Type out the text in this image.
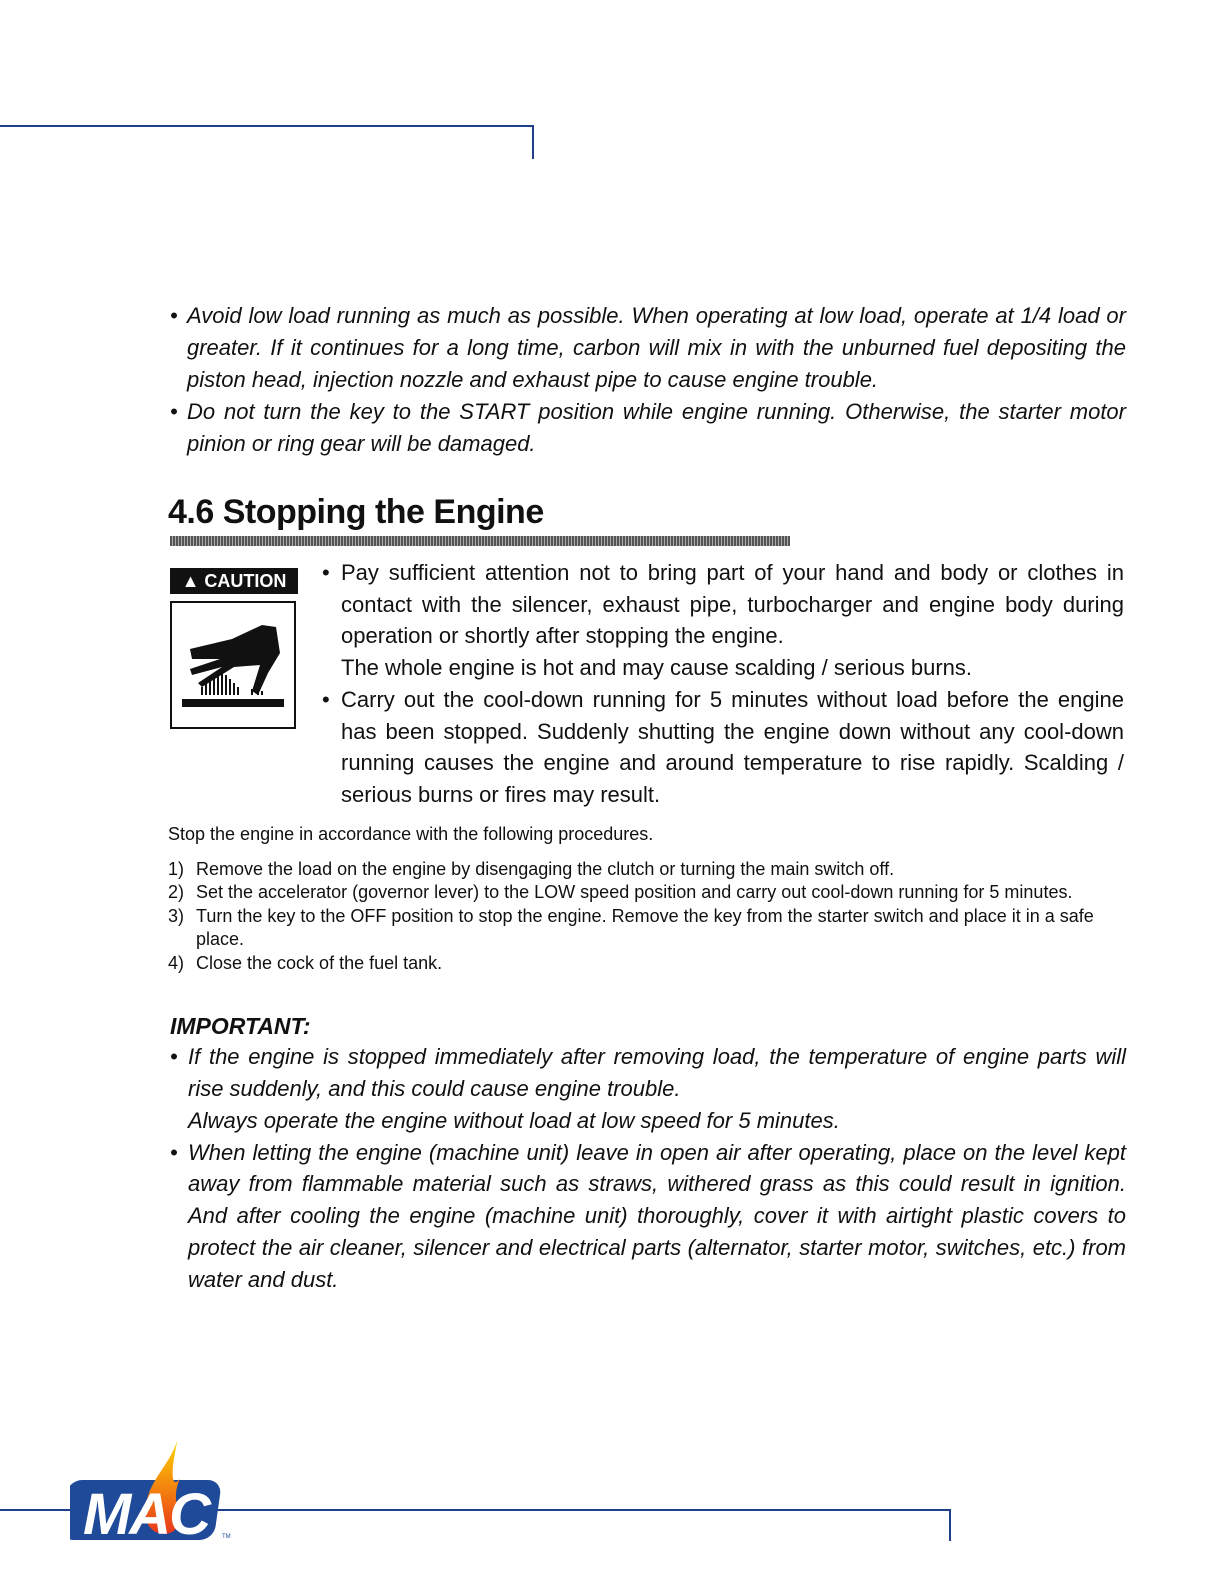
• Avoid low load running as much as possible. When operating at low load, operate at 1/4 load or greater. If it continues for a long time, carbon will mix in with the unburned fuel depositing the piston head, injection nozzle and exhaust pipe to cause engine trouble.
• Do not turn the key to the START position while engine running. Otherwise, the starter motor pinion or ring gear will be damaged.
4.6 Stopping the Engine
▲ CAUTION	• Pay sufficient attention not to bring part of your hand and body or clothes in contact with the silencer, exhaust pipe, turbocharger and engine body during operation or shortly after stopping the engine.
The whole engine is hot and may cause scalding / serious burns.
• Carry out the cool-down running for 5 minutes without load before the engine has been stopped. Suddenly shutting the engine down without any cool-down running causes the engine and around temperature to rise rapidly. Scalding / serious burns or fires may result.
Stop the engine in accordance with the following procedures.
1) Remove the load on the engine by disengaging the clutch or turning the main switch off.
2) Set the accelerator (governor lever) to the LOW speed position and carry out cool-down running for 5 minutes.
3) Turn the key to the OFF position to stop the engine. Remove the key from the starter switch and place it in a safe place.
4) Close the cock of the fuel tank.
IMPORTANT:
• If the engine is stopped immediately after removing load, the temperature of engine parts will rise suddenly, and this could cause engine trouble.
Always operate the engine without load at low speed for 5 minutes.
• When letting the engine (machine unit) leave in open air after operating, place on the level kept away from flammable material such as straws, withered grass as this could result in ignition. And after cooling the engine (machine unit) thoroughly, cover it with airtight plastic covers to protect the air cleaner, silencer and electrical parts (alternator, starter motor, switches, etc.) from water and dust.
MAC	TM
